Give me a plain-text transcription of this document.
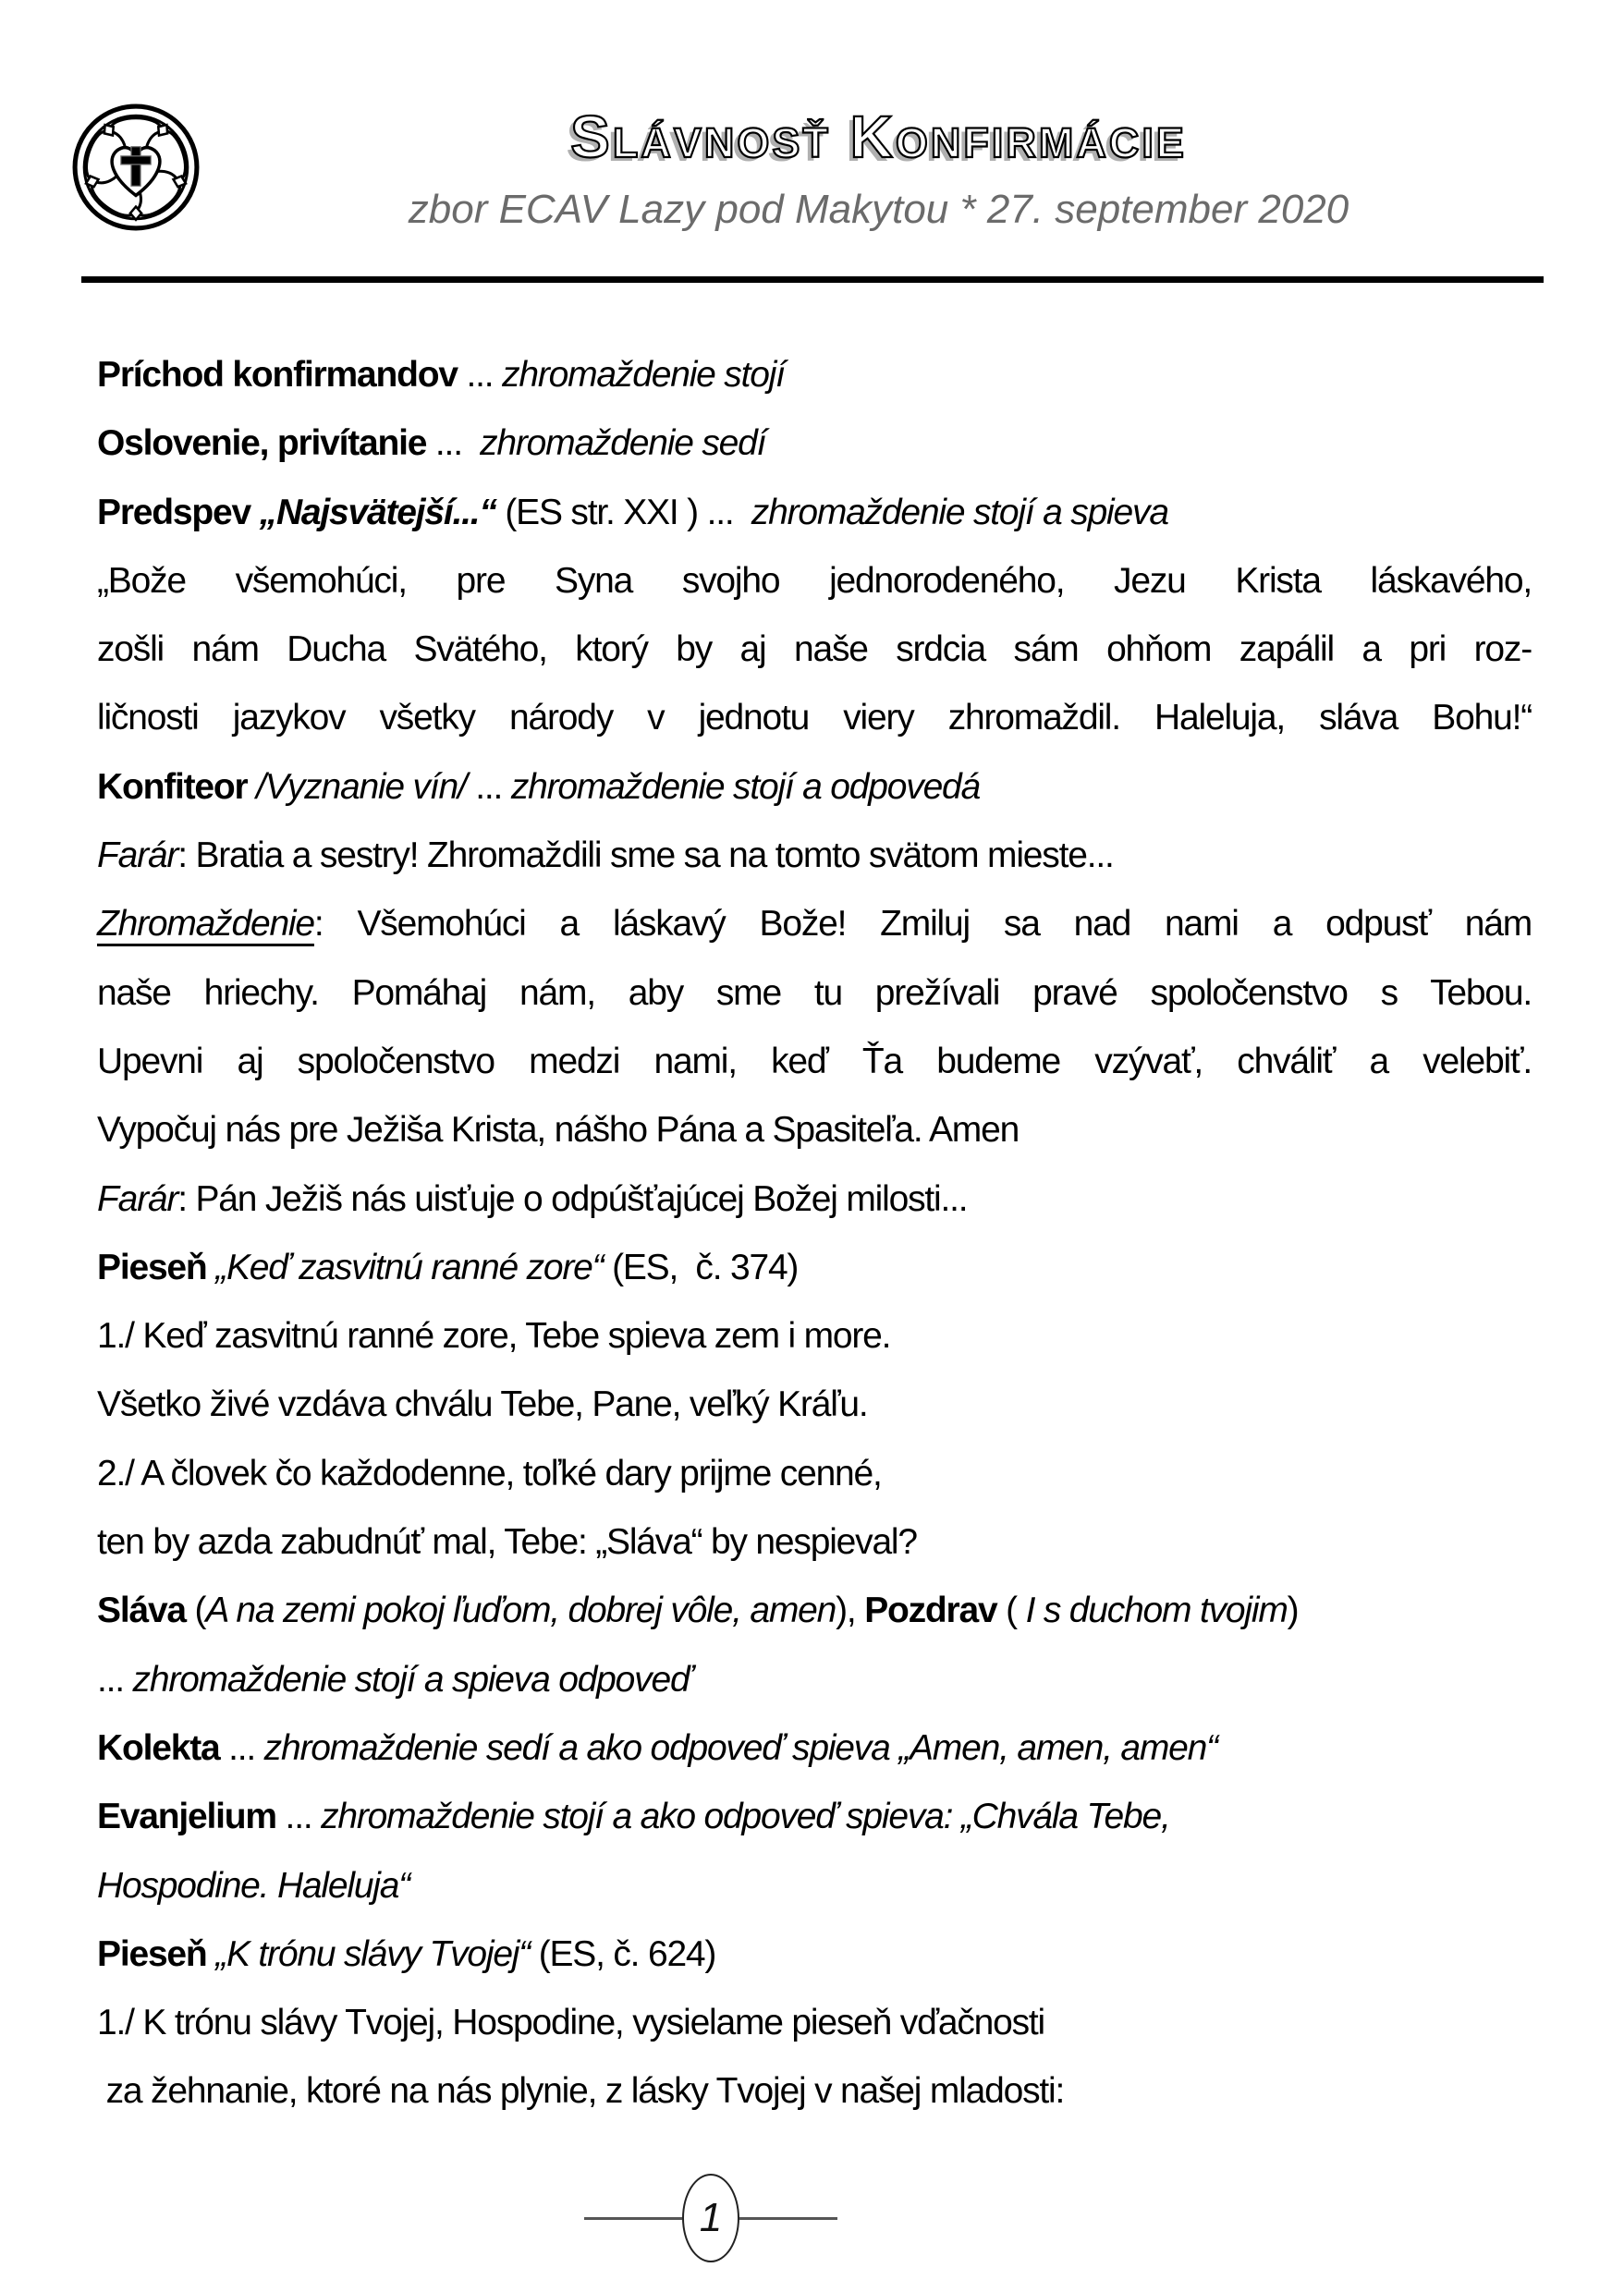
Slávnosť Konfirmácie
zbor ECAV Lazy pod Makytou * 27. september 2020
Príchod konfirmandov ... zhromaždenie stojí
Oslovenie, privítanie ...  zhromaždenie sedí
Predspev „Najsvätejší...“ (ES str. XXI ) ...  zhromaždenie stojí a spieva
„Bože všemohúci, pre Syna svojho jednorodeného, Jezu Krista láskavého,
zošli nám Ducha Svätého, ktorý by aj naše srdcia sám ohňom zapálil a pri roz-
ličnosti jazykov všetky národy v jednotu viery zhromaždil. Haleluja, sláva Bohu!“
Konfiteor /Vyznanie vín/ ... zhromaždenie stojí a odpovedá
Farár: Bratia a sestry! Zhromaždili sme sa na tomto svätom mieste...
Zhromaždenie: Všemohúci a láskavý Bože! Zmiluj sa nad nami a odpusť nám
naše hriechy. Pomáhaj nám, aby sme tu prežívali pravé spoločenstvo s Tebou.
Upevni aj spoločenstvo medzi nami, keď Ťa budeme vzývať, chváliť a velebiť.
Vypočuj nás pre Ježiša Krista, nášho Pána a Spasiteľa. Amen
Farár: Pán Ježiš nás uisťuje o odpúšťajúcej Božej milosti...
Pieseň „Keď zasvitnú ranné zore“ (ES,  č. 374)
1./ Keď zasvitnú ranné zore, Tebe spieva zem i more.
Všetko živé vzdáva chválu Tebe, Pane, veľký Kráľu.
2./ A človek čo každodenne, toľké dary prijme cenné,
ten by azda zabudnúť mal, Tebe: „Sláva“ by nespieval?
Sláva (A na zemi pokoj ľuďom, dobrej vôle, amen), Pozdrav ( I s duchom tvojim)
... zhromaždenie stojí a spieva odpoveď
Kolekta ... zhromaždenie sedí a ako odpoveď spieva „Amen, amen, amen“
Evanjelium ... zhromaždenie stojí a ako odpoveď spieva: „Chvála Tebe,
Hospodine. Haleluja“
Pieseň „K trónu slávy Tvojej“ (ES, č. 624)
1./ K trónu slávy Tvojej, Hospodine, vysielame pieseň vďačnosti
za žehnanie, ktoré na nás plynie, z lásky Tvojej v našej mladosti:
1
